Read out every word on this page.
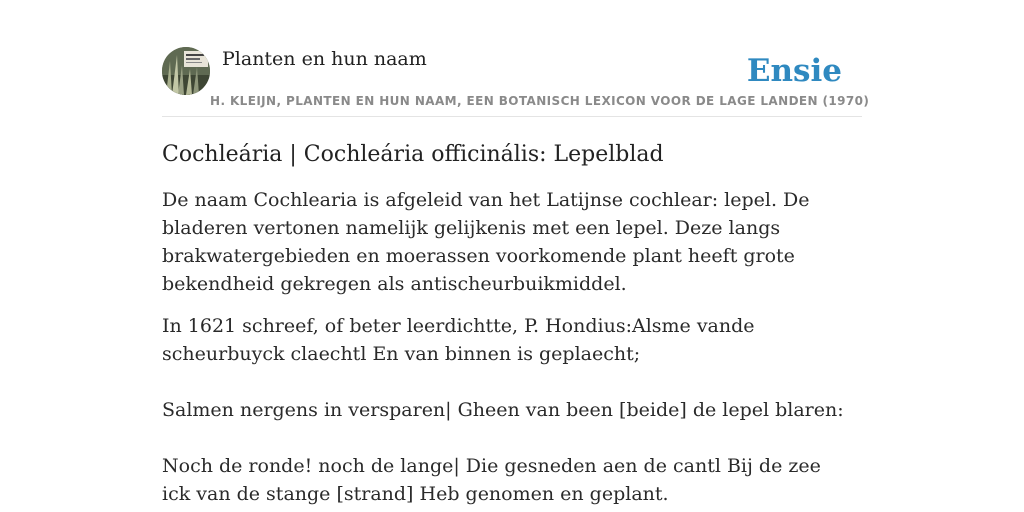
Planten en hun naam	Ensie
H. KLEIJN, PLANTEN EN HUN NAAM, EEN BOTANISCH LEXICON VOOR DE LAGE LANDEN (1970)
Cochleária | Cochleária officinális: Lepelblad

De naam Cochlearia is afgeleid van het Latijnse cochlear: lepel. De bladeren vertonen namelijk gelijkenis met een lepel. Deze langs brakwatergebieden en moerassen voorkomende plant heeft grote bekendheid gekregen als antischeurbuikmiddel.

In 1621 schreef, of beter leerdichtte, P. Hondius:Alsme vande scheurbuyck claechtl En van binnen is geplaecht;

Salmen nergens in versparen| Gheen van been [beide] de lepel blaren:

Noch de ronde! noch de lange| Die gesneden aen de cantl Bij de zee ick van de stange [strand] Heb genomen en geplant.
